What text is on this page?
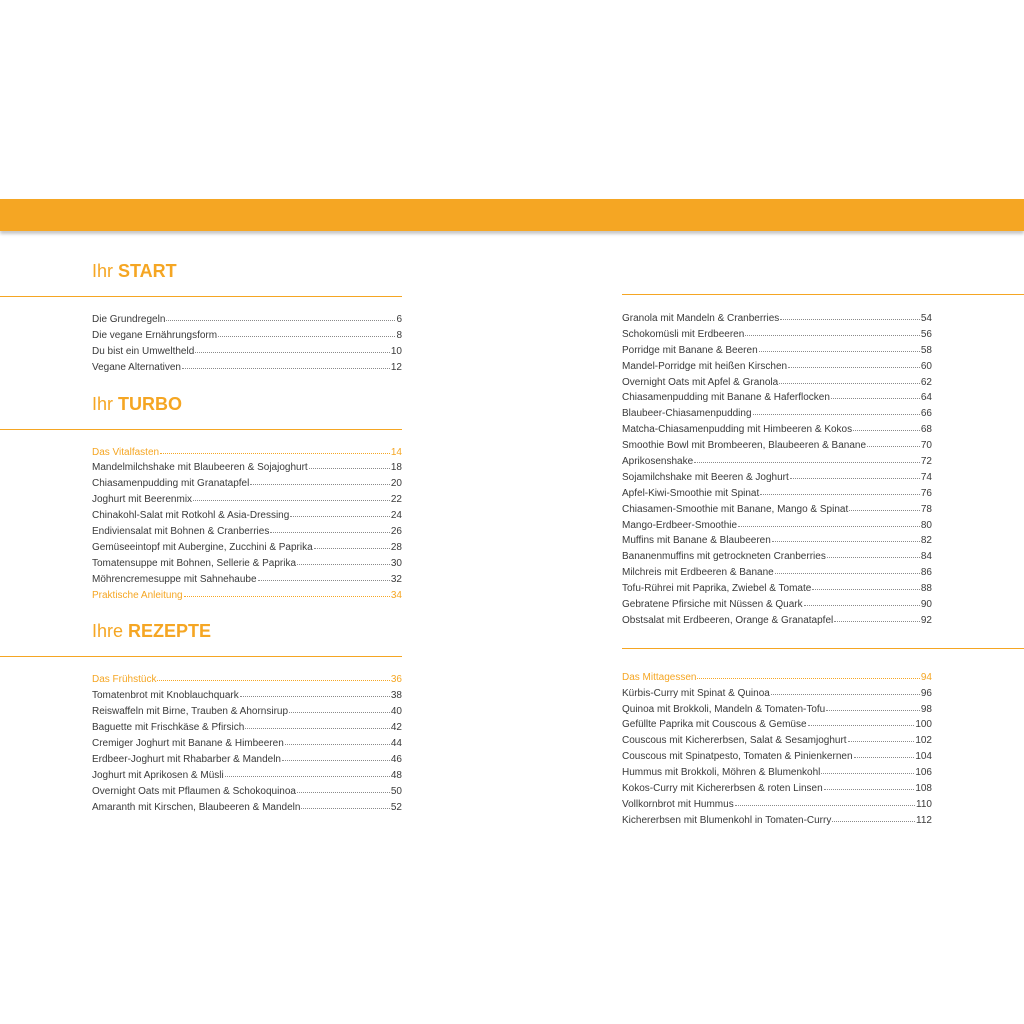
Ihr START
Die Grundregeln	6
Die vegane Ernährungsform	8
Du bist ein Umweltheld	10
Vegane Alternativen	12
Ihr TURBO
Das Vitalfasten	14
Mandelmilchshake mit Blaubeeren & Sojajoghurt	18
Chiasamenpudding mit Granatapfel	20
Joghurt mit Beerenmix	22
Chinakohl-Salat mit Rotkohl & Asia-Dressing	24
Endiviensalat mit Bohnen & Cranberries	26
Gemüseeintopf mit Aubergine, Zucchini & Paprika	28
Tomatensuppe mit Bohnen, Sellerie & Paprika	30
Möhrencremesuppe mit Sahnehaube	32
Praktische Anleitung	34
Ihre REZEPTE
Das Frühstück	36
Tomatenbrot mit Knoblauchquark	38
Reiswaffeln mit Birne, Trauben & Ahornsirup	40
Baguette mit Frischkäse & Pfirsich	42
Cremiger Joghurt mit Banane & Himbeeren	44
Erdbeer-Joghurt mit Rhabarber & Mandeln	46
Joghurt mit Aprikosen & Müsli	48
Overnight Oats mit Pflaumen & Schokoquinoa	50
Amaranth mit Kirschen, Blaubeeren & Mandeln	52
Granola mit Mandeln & Cranberries	54
Schokomüsli mit Erdbeeren	56
Porridge mit Banane & Beeren	58
Mandel-Porridge mit heißen Kirschen	60
Overnight Oats mit Apfel & Granola	62
Chiasamenpudding mit Banane & Haferflocken	64
Blaubeer-Chiasamenpudding	66
Matcha-Chiasamenpudding mit Himbeeren & Kokos	68
Smoothie Bowl mit Brombeeren, Blaubeeren & Banane	70
Aprikosenshake	72
Sojamilchshake mit Beeren & Joghurt	74
Apfel-Kiwi-Smoothie mit Spinat	76
Chiasamen-Smoothie mit Banane, Mango & Spinat	78
Mango-Erdbeer-Smoothie	80
Muffins mit Banane & Blaubeeren	82
Bananenmuffins mit getrockneten Cranberries	84
Milchreis mit Erdbeeren & Banane	86
Tofu-Rührei mit Paprika, Zwiebel & Tomate	88
Gebratene Pfirsiche mit Nüssen & Quark	90
Obstsalat mit Erdbeeren, Orange & Granatapfel	92
Das Mittagessen	94
Kürbis-Curry mit Spinat & Quinoa	96
Quinoa mit Brokkoli, Mandeln & Tomaten-Tofu	98
Gefüllte Paprika mit Couscous & Gemüse	100
Couscous mit Kichererbsen, Salat & Sesamjoghurt	102
Couscous mit Spinatpesto, Tomaten & Pinienkernen	104
Hummus mit Brokkoli, Möhren & Blumenkohl	106
Kokos-Curry mit Kichererbsen & roten Linsen	108
Vollkornbrot mit Hummus	110
Kichererbsen mit Blumenkohl in Tomaten-Curry	112
